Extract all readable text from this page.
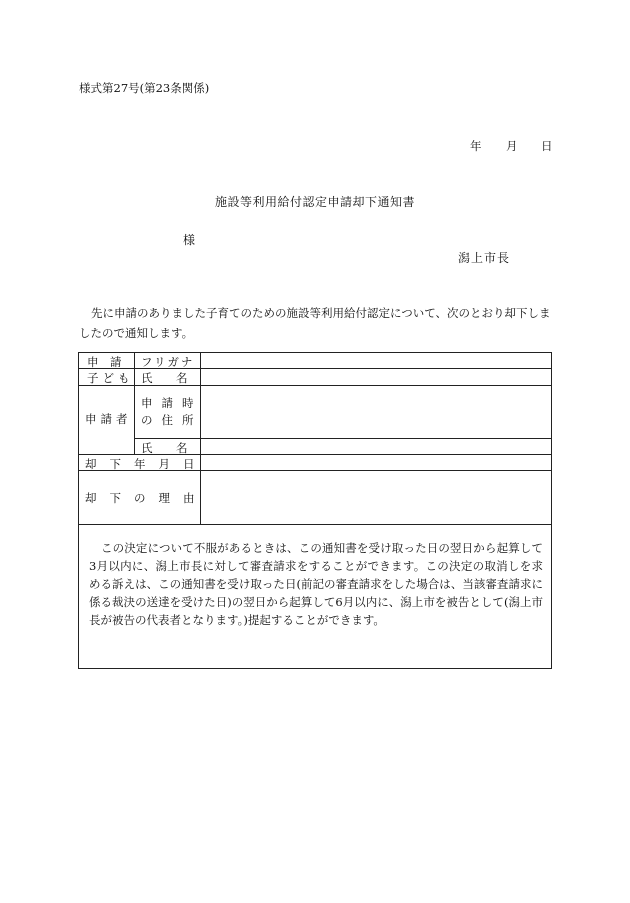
様式第27号(第23条関係)
年 月 日
施設等利用給付認定申請却下通知書
様
潟上市長
先に申請のありました子育てのための施設等利用給付認定について、次のとおり却下しましたので通知します。
申　請
子ども
フリガナ
氏　名
申請者
申請時
の住所
氏　名
却下年月日
却下の理由
この決定について不服があるときは、この通知書を受け取った日の翌日から起算して3月以内に、潟上市長に対して審査請求をすることができます。この決定の取消しを求める訴えは、この通知書を受け取った日(前記の審査請求をした場合は、当該審査請求に係る裁決の送達を受けた日)の翌日から起算して6月以内に、潟上市を被告として(潟上市長が被告の代表者となります。)提起することができます。
